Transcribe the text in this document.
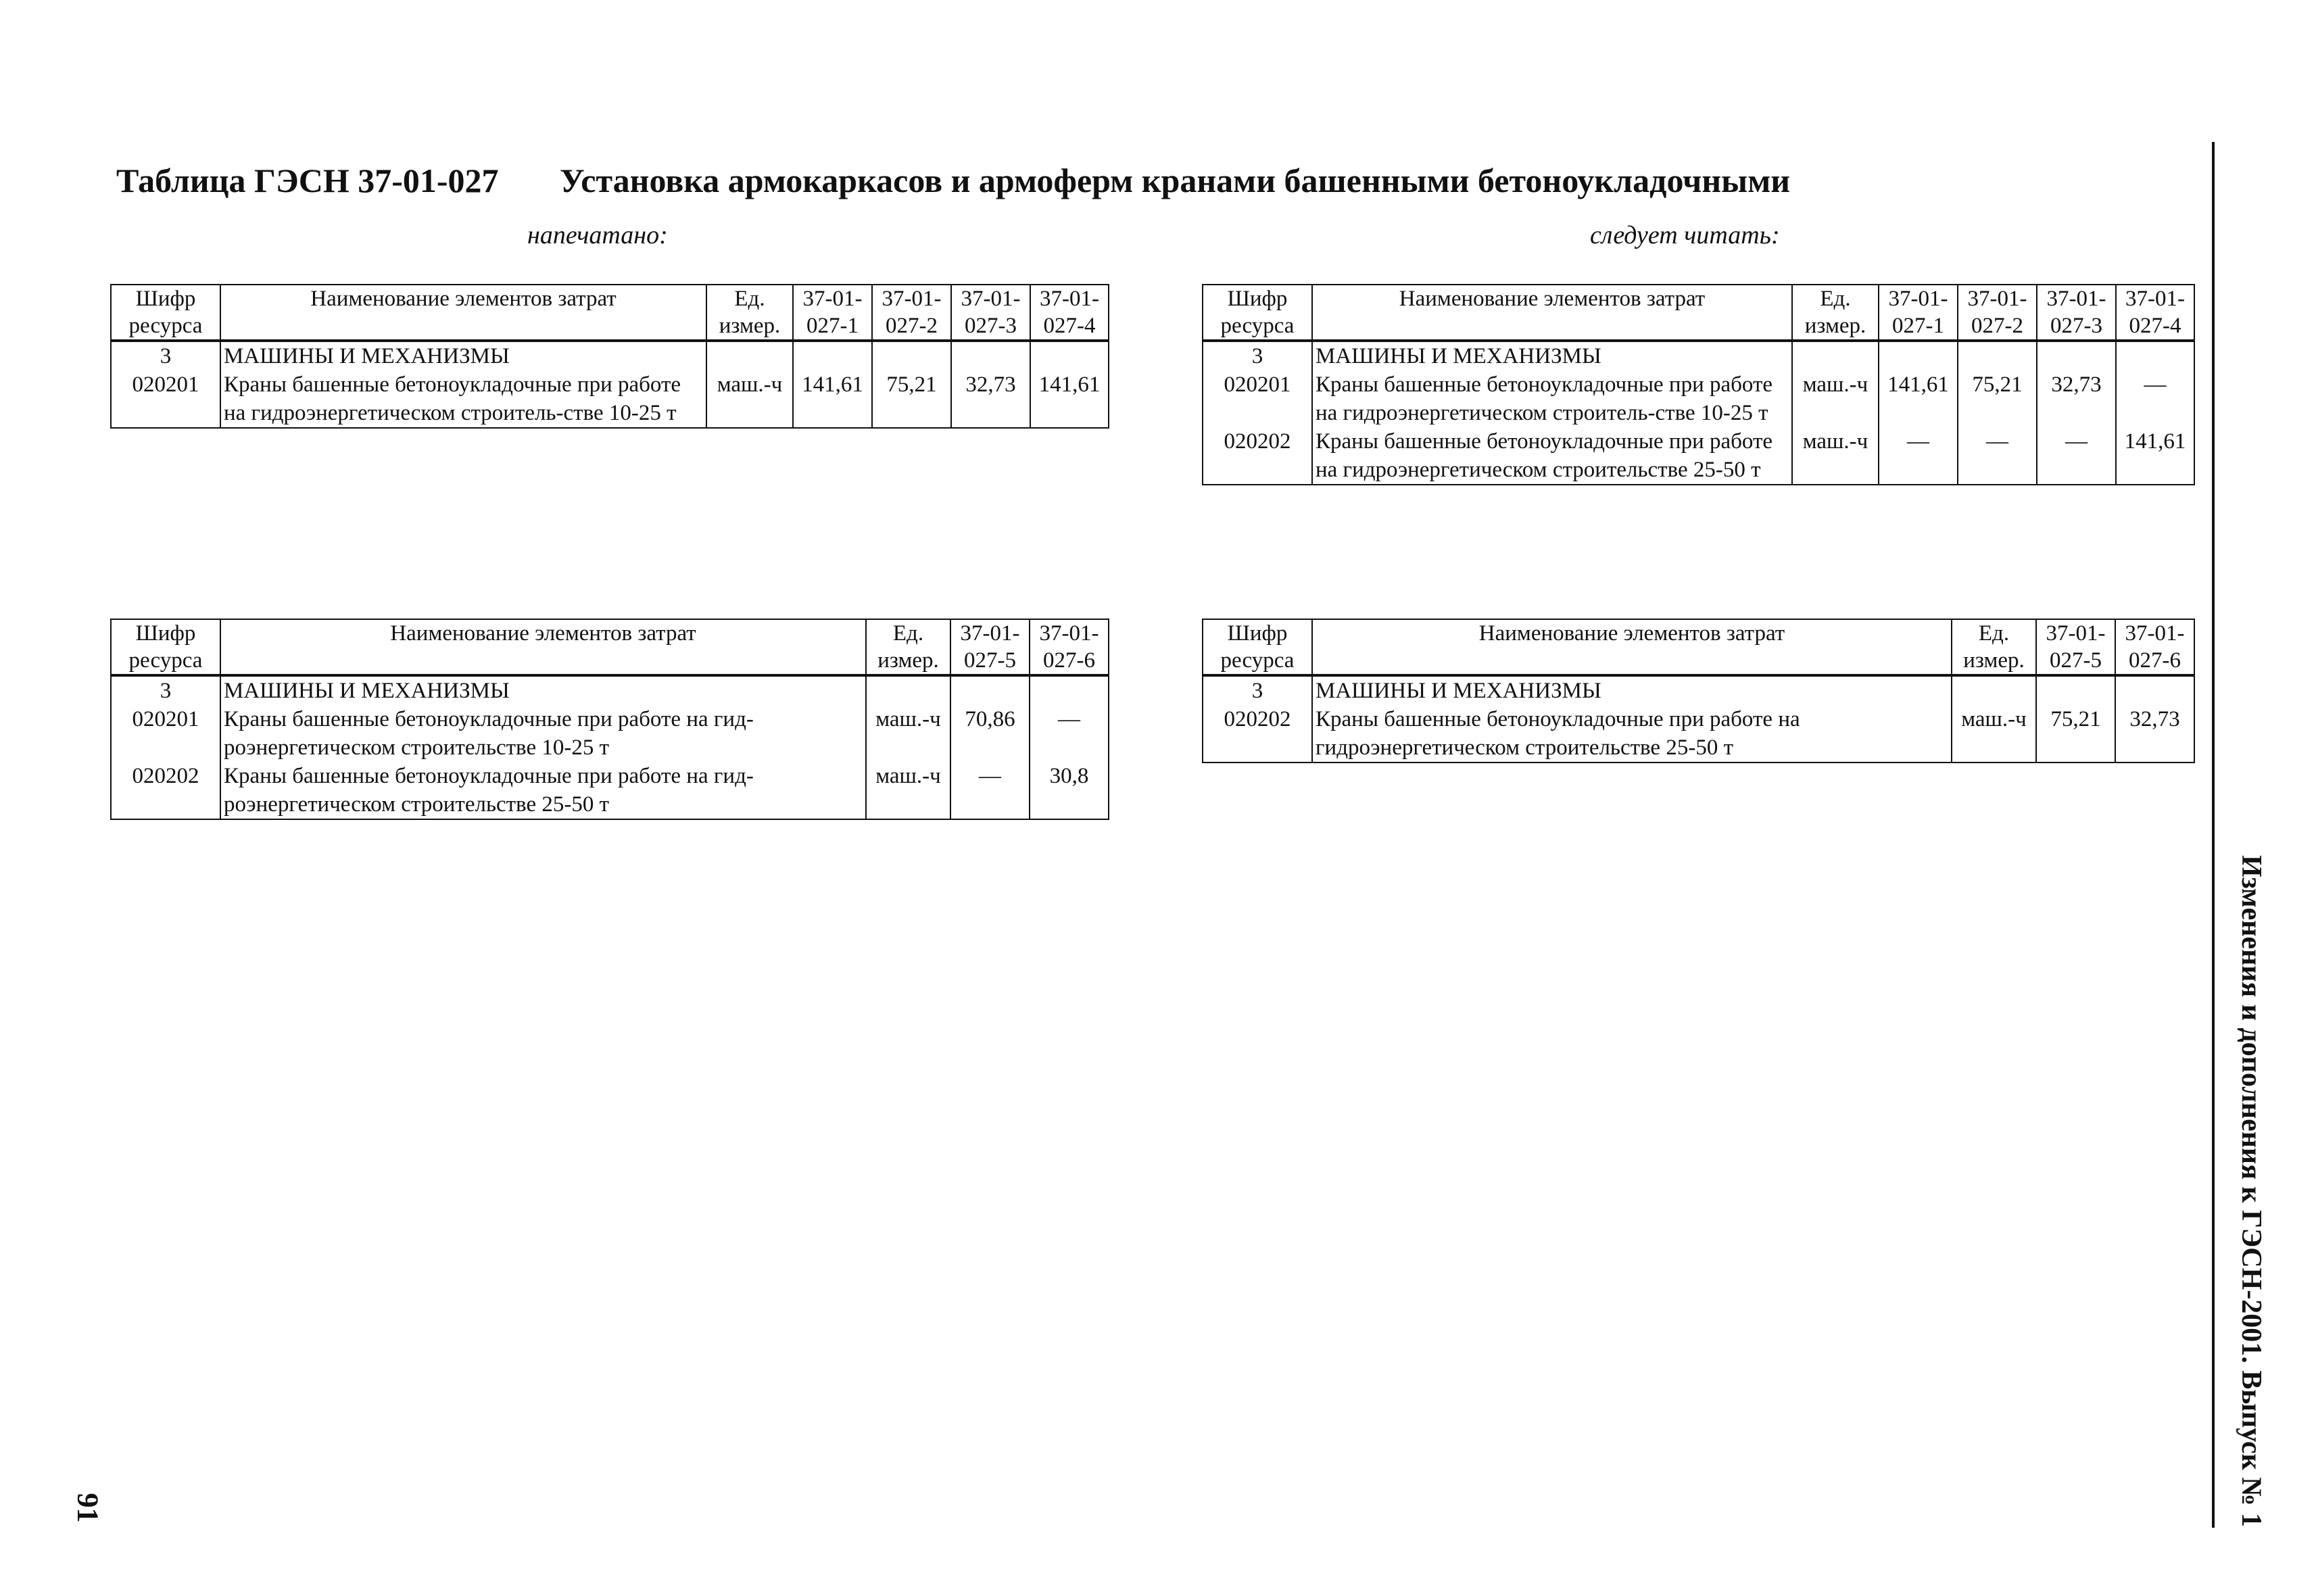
Таблица ГЭСН 37-01-027 Установка армокаркасов и армоферм кранами башенными бетоноукладочными
напечатано:	следует читать:
Шифр ресурса	Наименование элементов затрат	Ед. измер.	37-01-027-1	37-01-027-2	37-01-027-3	37-01-027-4
3	МАШИНЫ И МЕХАНИЗМЫ					
020201	Краны башенные бетоноукладочные при работе на гидроэнергетическом строитель-стве 10-25 т	маш.-ч	141,61	75,21	32,73	141,61
Шифр ресурса	Наименование элементов затрат	Ед. измер.	37-01-027-1	37-01-027-2	37-01-027-3	37-01-027-4
3	МАШИНЫ И МЕХАНИЗМЫ					
020201	Краны башенные бетоноукладочные при работе на гидроэнергетическом строитель-стве 10-25 т	маш.-ч	141,61	75,21	32,73	—
020202	Краны башенные бетоноукладочные при работе на гидроэнергетическом строительстве 25-50 т	маш.-ч	—	—	—	141,61
Шифр ресурса	Наименование элементов затрат	Ед. измер.	37-01-027-5	37-01-027-6
3	МАШИНЫ И МЕХАНИЗМЫ			
020201	Краны башенные бетоноукладочные при работе на гид-роэнергетическом строительстве 10-25 т	маш.-ч	70,86	—
020202	Краны башенные бетоноукладочные при работе на гид-роэнергетическом строительстве 25-50 т	маш.-ч	—	30,8
Шифр ресурса	Наименование элементов затрат	Ед. измер.	37-01-027-5	37-01-027-6
3	МАШИНЫ И МЕХАНИЗМЫ			
020202	Краны башенные бетоноукладочные при работе на гидроэнергетическом строительстве 25-50 т	маш.-ч	75,21	32,73
Изменения и дополнения к ГЭСН-2001. Выпуск № 1
91
